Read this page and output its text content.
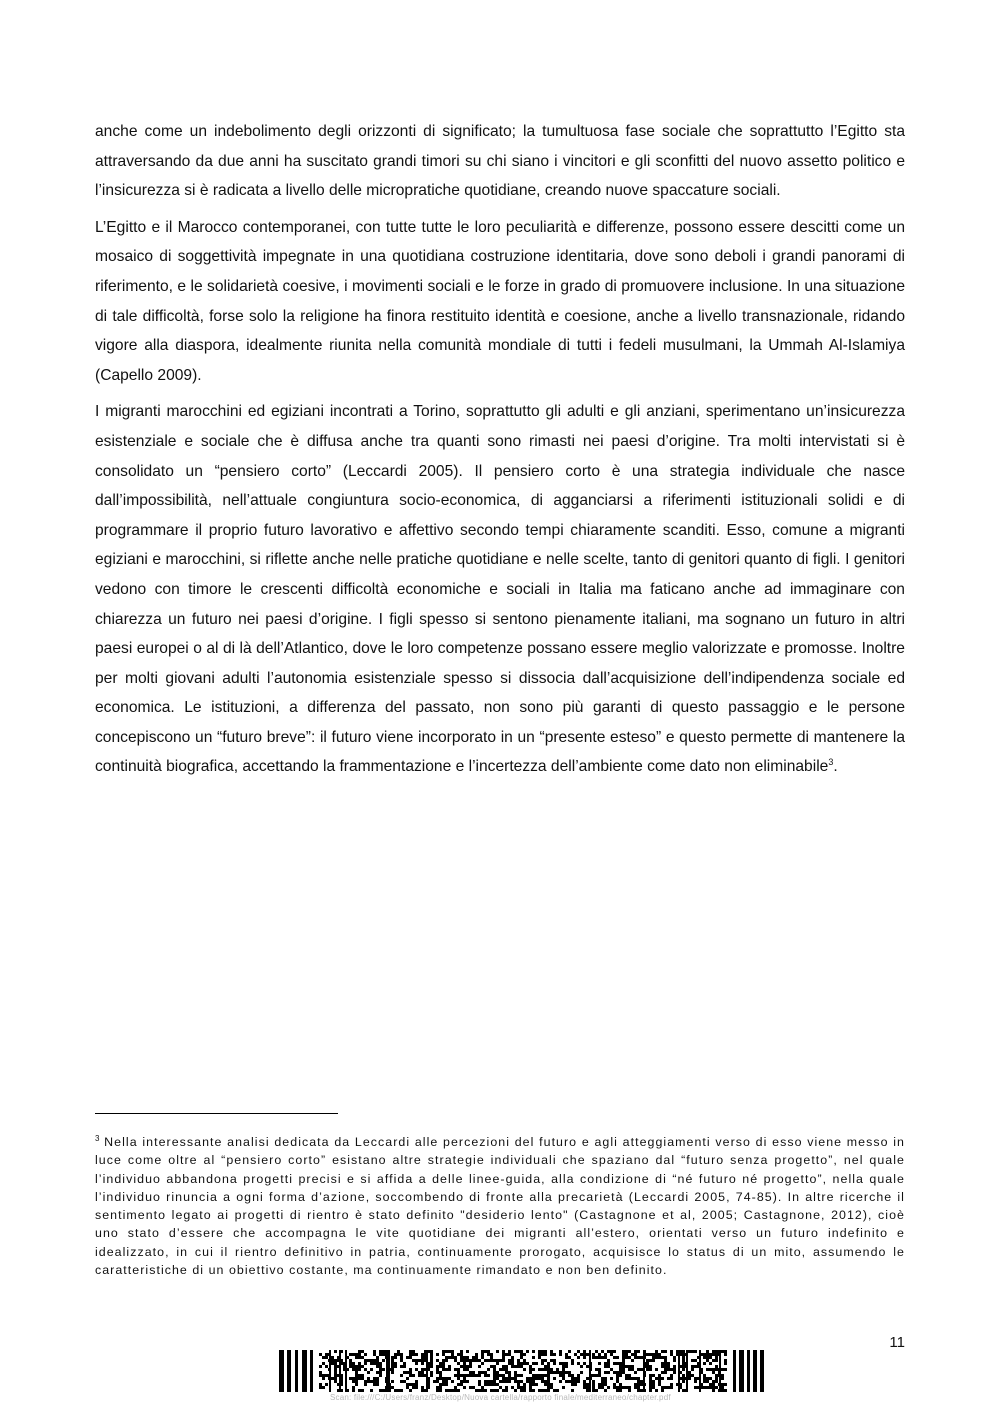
anche come un indebolimento degli orizzonti di significato; la tumultuosa fase sociale che soprattutto l’Egitto sta attraversando da due anni ha suscitato grandi timori su chi siano i vincitori e gli sconfitti del nuovo assetto politico e l’insicurezza si è radicata a livello delle micropratiche quotidiane, creando nuove spaccature sociali.

L’Egitto e il Marocco contemporanei, con tutte tutte le loro peculiarità e differenze, possono essere descitti come un mosaico di soggettività impegnate in una quotidiana costruzione identitaria, dove sono deboli i grandi panorami di riferimento, e le solidarietà coesive, i movimenti sociali e le forze in grado di promuovere inclusione. In una situazione di tale difficoltà, forse solo la religione ha finora restituito identità e coesione, anche a livello transnazionale, ridando vigore alla diaspora, idealmente riunita nella comunità mondiale di tutti i fedeli musulmani, la Ummah Al-Islamiya (Capello 2009).

I migranti marocchini ed egiziani incontrati a Torino, soprattutto gli adulti e gli anziani, sperimentano un’insicurezza esistenziale e sociale che è diffusa anche tra quanti sono rimasti nei paesi d’origine. Tra molti intervistati si è consolidato un “pensiero corto” (Leccardi 2005). Il pensiero corto è una strategia individuale che nasce dall’impossibilità, nell’attuale congiuntura socio-economica, di agganciarsi a riferimenti istituzionali solidi e di programmare il proprio futuro lavorativo e affettivo secondo tempi chiaramente scanditi. Esso, comune a migranti egiziani e marocchini, si riflette anche nelle pratiche quotidiane e nelle scelte, tanto di genitori quanto di figli. I genitori vedono con timore le crescenti difficoltà economiche e sociali in Italia ma faticano anche ad immaginare con chiarezza un futuro nei paesi d’origine. I figli spesso si sentono pienamente italiani, ma sognano un futuro in altri paesi europei o al di là dell’Atlantico, dove le loro competenze possano essere meglio valorizzate e promosse. Inoltre per molti giovani adulti l’autonomia esistenziale spesso si dissocia dall’acquisizione dell’indipendenza sociale ed economica. Le istituzioni, a differenza del passato, non sono più garanti di questo passaggio e le persone concepiscono un “futuro breve”: il futuro viene incorporato in un “presente esteso” e questo permette di mantenere la continuità biografica, accettando la frammentazione e l’incertezza dell’ambiente come dato non eliminabile$^3$.

$^3$ Nella interessante analisi dedicata da Leccardi alle percezioni del futuro e agli atteggiamenti verso di esso viene messo in luce come oltre al “pensiero corto” esistano altre strategie individuali che spaziano dal “futuro senza progetto”, nel quale l’individuo abbandona progetti precisi e si affida a delle linee-guida, alla condizione di “né futuro né progetto”, nella quale l’individuo rinuncia a ogni forma d’azione, soccombendo di fronte alla precarietà (Leccardi 2005, 74-85). In altre ricerche il sentimento legato ai progetti di rientro è stato definito "desiderio lento" (Castagnone et al, 2005; Castagnone, 2012), cioè uno stato d’essere che accompagna le vite quotidiane dei migranti all’estero, orientati verso un futuro indefinito e idealizzato, in cui il rientro definitivo in patria, continuamente prorogato, acquisisce lo status di un mito, assumendo le caratteristiche di un obiettivo costante, ma continuamente rimandato e non ben definito.
11
Scan: file:///C:/Users/franz/Desktop/Nuova cartella/rapporto finale/mediterraneo/chapter.pdf
